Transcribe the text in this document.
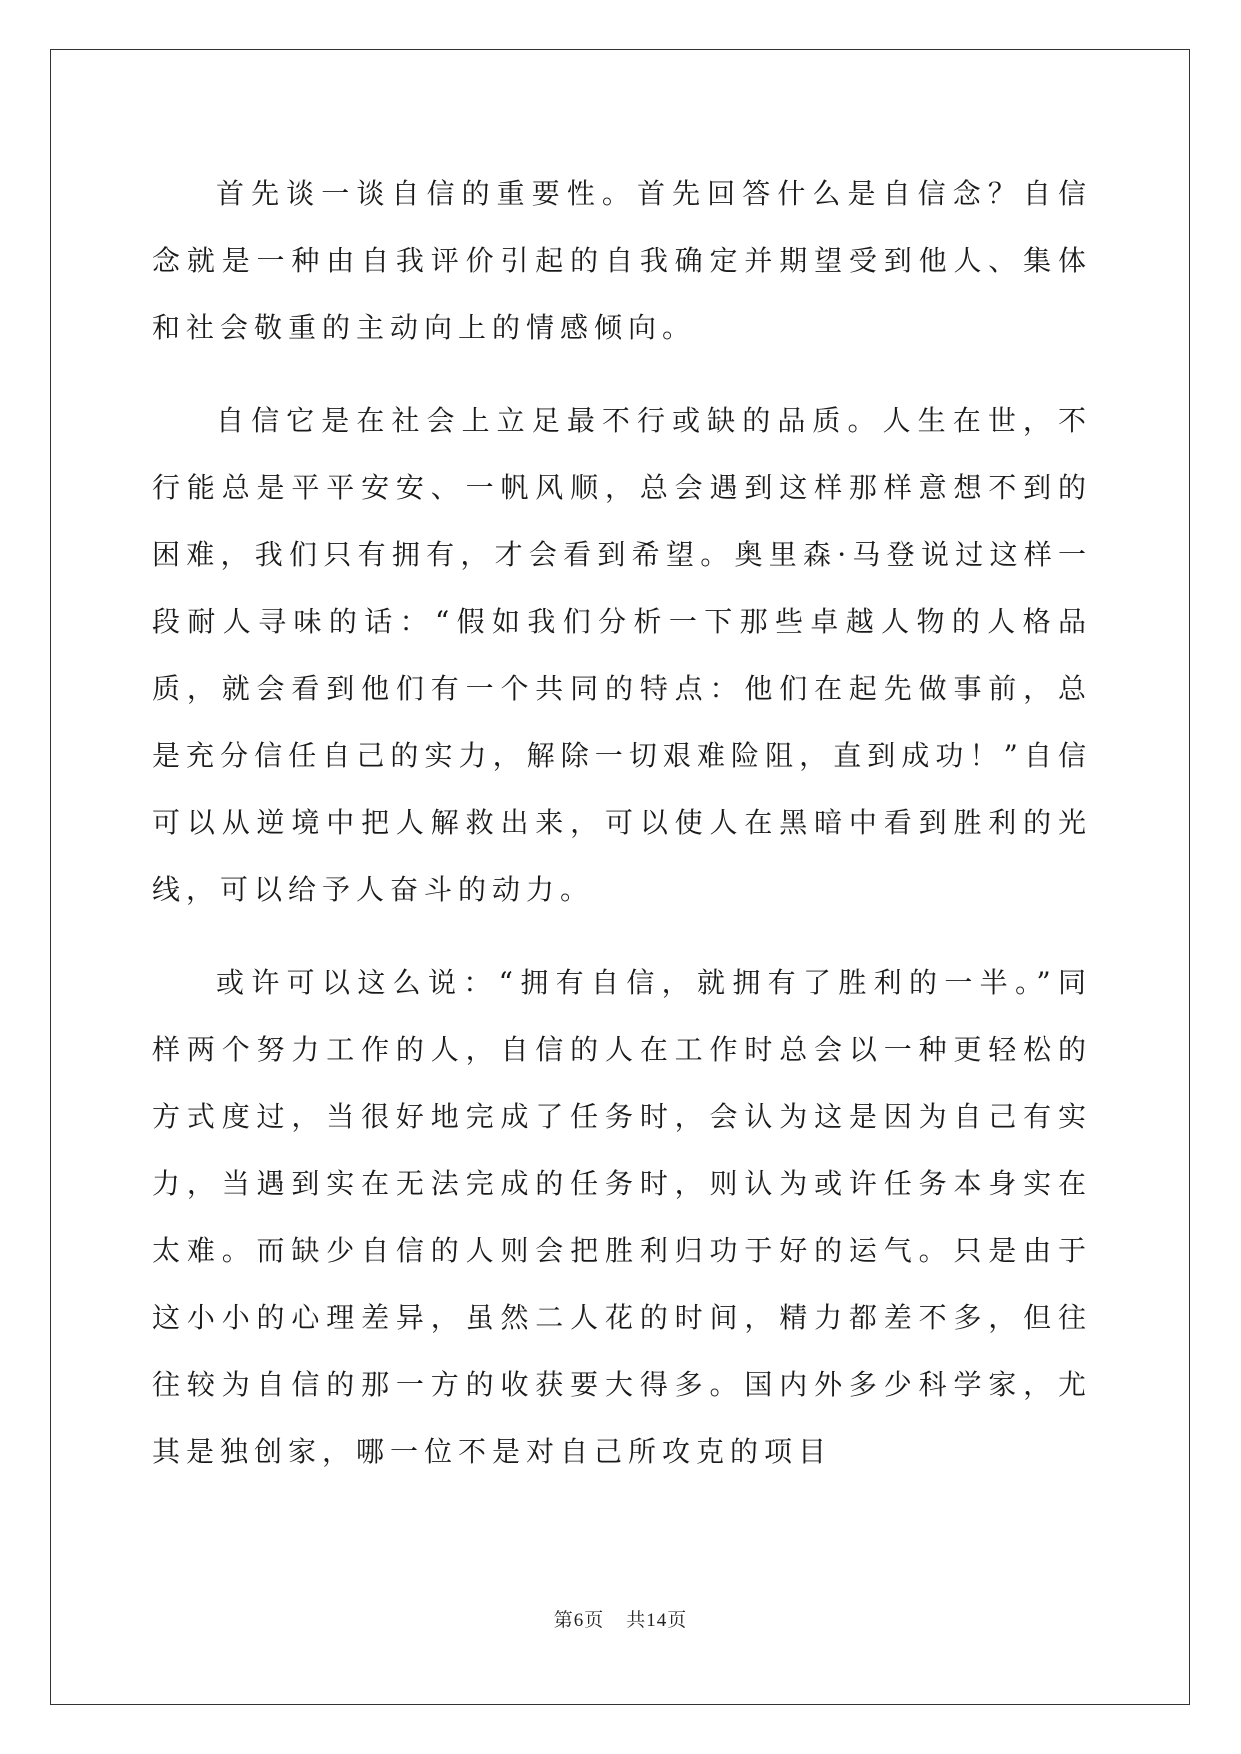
首先谈一谈自信的重要性。首先回答什么是自信念？自信念就是一种由自我评价引起的自我确定并期望受到他人、集体和社会敬重的主动向上的情感倾向。

自信它是在社会上立足最不行或缺的品质。人生在世，不行能总是平平安安、一帆风顺，总会遇到这样那样意想不到的困难，我们只有拥有，才会看到希望。奥里森·马登说过这样一段耐人寻味的话：“假如我们分析一下那些卓越人物的人格品质，就会看到他们有一个共同的特点：他们在起先做事前，总是充分信任自己的实力，解除一切艰难险阻，直到成功！”自信可以从逆境中把人解救出来，可以使人在黑暗中看到胜利的光线，可以给予人奋斗的动力。

或许可以这么说：“拥有自信，就拥有了胜利的一半。”同样两个努力工作的人，自信的人在工作时总会以一种更轻松的方式度过，当很好地完成了任务时，会认为这是因为自己有实力，当遇到实在无法完成的任务时，则认为或许任务本身实在太难。而缺少自信的人则会把胜利归功于好的运气。只是由于这小小的心理差异，虽然二人花的时间，精力都差不多，但往往较为自信的那一方的收获要大得多。国内外多少科学家，尤其是独创家，哪一位不是对自己所攻克的项目

第6页 共14页
